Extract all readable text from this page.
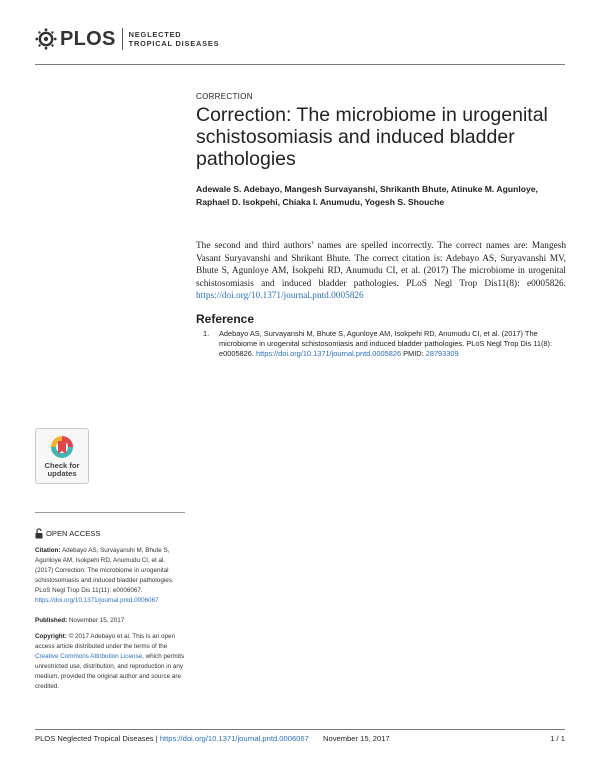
PLOS NEGLECTED
TROPICAL DISEASES
CORRECTION
Correction: The microbiome in urogenital schistosomiasis and induced bladder pathologies
Adewale S. Adebayo, Mangesh Survayanshi, Shrikanth Bhute, Atinuke M. Agunloye, Raphael D. Isokpehi, Chiaka I. Anumudu, Yogesh S. Shouche
The second and third authors’ names are spelled incorrectly. The correct names are: Mangesh Vasant Suryavanshi and Shrikant Bhute. The correct citation is: Adebayo AS, Suryavanshi MV, Bhute S, Agunloye AM, Isokpehi RD, Anumudu CI, et al. (2017) The microbiome in urogenital schistosomiasis and induced bladder pathologies. PLoS Negl Trop Dis11(8): e0005826. https://doi.org/10.1371/journal.pntd.0005826
Reference
1. Adebayo AS, Survayanshi M, Bhute S, Agunloye AM, Isokpehi RD, Anumudu CI, et al. (2017) The microbiome in urogenital schistosomiasis and induced bladder pathologies. PLoS Negl Trop Dis 11(8): e0005826. https://doi.org/10.1371/journal.pntd.0005826 PMID: 28793309
Check for
updates
OPEN ACCESS
Citation: Adebayo AS, Survayanshi M, Bhute S, Agunloye AM, Isokpehi RD, Anumudu CI, et al. (2017) Correction: The microbiome in urogenital schistosomiasis and induced bladder pathologies. PLoS Negl Trop Dis 11(11): e0006067. https://doi.org/10.1371/journal.pntd.0006067
Published: November 15, 2017
Copyright: © 2017 Adebayo et al. This is an open access article distributed under the terms of the Creative Commons Attribution License, which permits unrestricted use, distribution, and reproduction in any medium, provided the original author and source are credited.
PLOS Neglected Tropical Diseases | https://doi.org/10.1371/journal.pntd.0006067 November 15, 2017	1 / 1
